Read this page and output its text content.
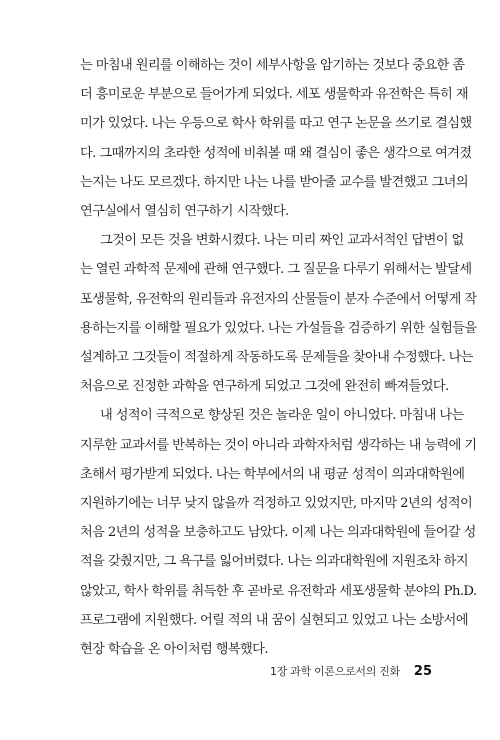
는 마침내 원리를 이해하는 것이 세부사항을 암기하는 것보다 중요한 좀
더 흥미로운 부분으로 들어가게 되었다. 세포 생물학과 유전학은 특히 재
미가 있었다. 나는 우등으로 학사 학위를 따고 연구 논문을 쓰기로 결심했
다. 그때까지의 초라한 성적에 비춰볼 때 왜 결심이 좋은 생각으로 여겨졌
는지는 나도 모르겠다. 하지만 나는 나를 받아줄 교수를 발견했고 그녀의
연구실에서 열심히 연구하기 시작했다.

그것이 모든 것을 변화시켰다. 나는 미리 짜인 교과서적인 답변이 없
는 열린 과학적 문제에 관해 연구했다. 그 질문을 다루기 위해서는 발달세
포생물학, 유전학의 원리들과 유전자의 산물들이 분자 수준에서 어떻게 작
용하는지를 이해할 필요가 있었다. 나는 가설들을 검증하기 위한 실험들을
설계하고 그것들이 적절하게 작동하도록 문제들을 찾아내 수정했다. 나는
처음으로 진정한 과학을 연구하게 되었고 그것에 완전히 빠져들었다.

내 성적이 극적으로 향상된 것은 놀라운 일이 아니었다. 마침내 나는
지루한 교과서를 반복하는 것이 아니라 과학자처럼 생각하는 내 능력에 기
초해서 평가받게 되었다. 나는 학부에서의 내 평균 성적이 의과대학원에
지원하기에는 너무 낮지 않을까 걱정하고 있었지만, 마지막 2년의 성적이
처음 2년의 성적을 보충하고도 남았다. 이제 나는 의과대학원에 들어갈 성
적을 갖췄지만, 그 욕구를 잃어버렸다. 나는 의과대학원에 지원조차 하지
않았고, 학사 학위를 취득한 후 곧바로 유전학과 세포생물학 분야의 Ph.D.
프로그램에 지원했다. 어릴 적의 내 꿈이 실현되고 있었고 나는 소방서에
현장 학습을 온 아이처럼 행복했다.

1장 과학 이론으로서의 진화 25
